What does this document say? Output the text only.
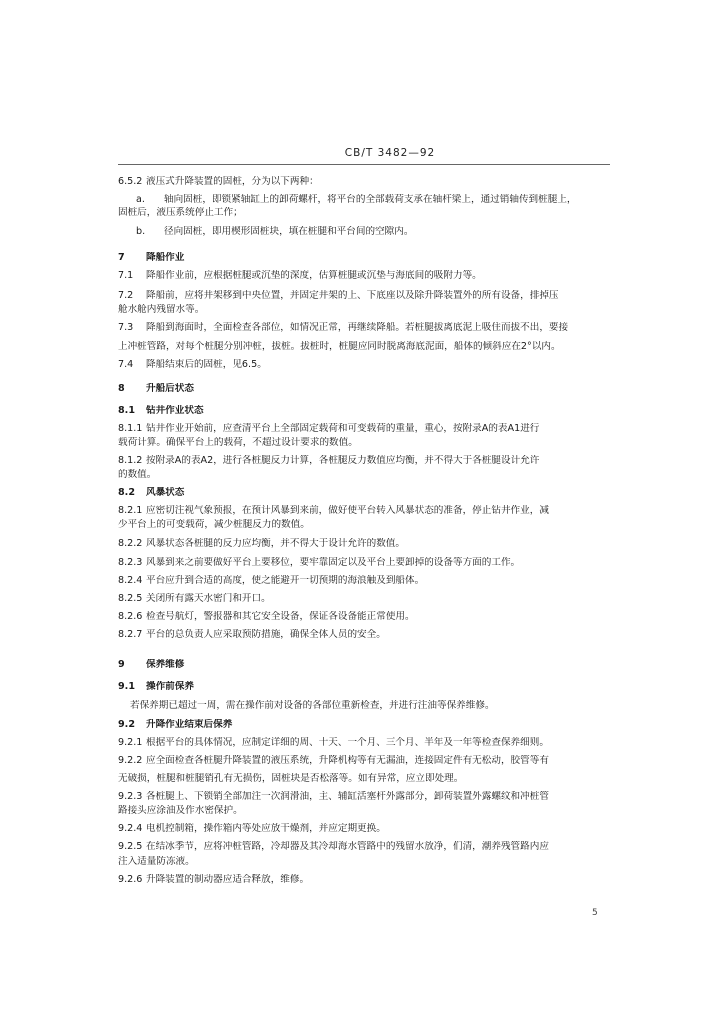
CB/T 3482—92
6.5.2 液压式升降装置的固桩，分为以下两种：
a. 轴向固桩，即锁紧轴缸上的卸荷螺杆，将平台的全部载荷支承在轴杆梁上，通过销轴传到桩腿上，
固桩后，液压系统停止工作；
b. 径向固桩，即用楔形固桩块，填在桩腿和平台间的空隙内。
7 降船作业
7.1 降船作业前，应根据桩腿或沉垫的深度，估算桩腿或沉垫与海底间的吸附力等。
7.2 降船前，应将井架移到中央位置，并固定井架的上、下底座以及除升降装置外的所有设备，排掉压
舱水舱内残留水等。
7.3 降船到海面时，全面检查各部位，如情况正常，再继续降船。若桩腿拔离底泥上吸住而拔不出，要接
上冲桩管路，对每个桩腿分别冲桩，拔桩。拔桩时，桩腿应同时脱离海底泥面，船体的倾斜应在2°以内。
7.4 降船结束后的固桩，见6.5。
8 升船后状态
8.1 钻井作业状态
8.1.1 钻井作业开始前，应查清平台上全部固定载荷和可变载荷的重量，重心，按附录A的表A1进行
载荷计算。确保平台上的载荷，不超过设计要求的数值。
8.1.2 按附录A的表A2，进行各桩腿反力计算，各桩腿反力数值应均衡，并不得大于各桩腿设计允许
的数值。
8.2 风暴状态
8.2.1 应密切注视气象预报，在预计风暴到来前，做好使平台转入风暴状态的准备，停止钻井作业，减
少平台上的可变载荷，减少桩腿反力的数值。
8.2.2 风暴状态各桩腿的反力应均衡，并不得大于设计允许的数值。
8.2.3 风暴到来之前要做好平台上要移位，要牢靠固定以及平台上要卸掉的设备等方面的工作。
8.2.4 平台应升到合适的高度，使之能避开一切预期的海浪触及到船体。
8.2.5 关闭所有露天水密门和开口。
8.2.6 检查号航灯，警报器和其它安全设备，保证各设备能正常使用。
8.2.7 平台的总负责人应采取预防措施，确保全体人员的安全。
9 保养维修
9.1 操作前保养
若保养期已超过一周，需在操作前对设备的各部位重新检查，并进行注油等保养维修。
9.2 升降作业结束后保养
9.2.1 根据平台的具体情况，应制定详细的周、十天、一个月、三个月、半年及一年等检查保养细则。
9.2.2 应全面检查各桩腿升降装置的液压系统，升降机构等有无漏油，连接固定件有无松动，胶管等有
无破损，桩腿和桩腿销孔有无损伤，固桩块是否松落等。如有异常，应立即处理。
9.2.3 各桩腿上、下锁销全部加注一次润滑油，主、辅缸活塞杆外露部分，卸荷装置外露螺纹和冲桩管
路接头应涂油及作水密保护。
9.2.4 电机控制箱，操作箱内等处应放干燥剂，并应定期更换。
9.2.5 在结冰季节，应将冲桩管路，冷却器及其冷却海水管路中的残留水放净，们清，潮养残管路内应
注入适量防冻液。
9.2.6 升降装置的制动器应适合释放，维修。
5
